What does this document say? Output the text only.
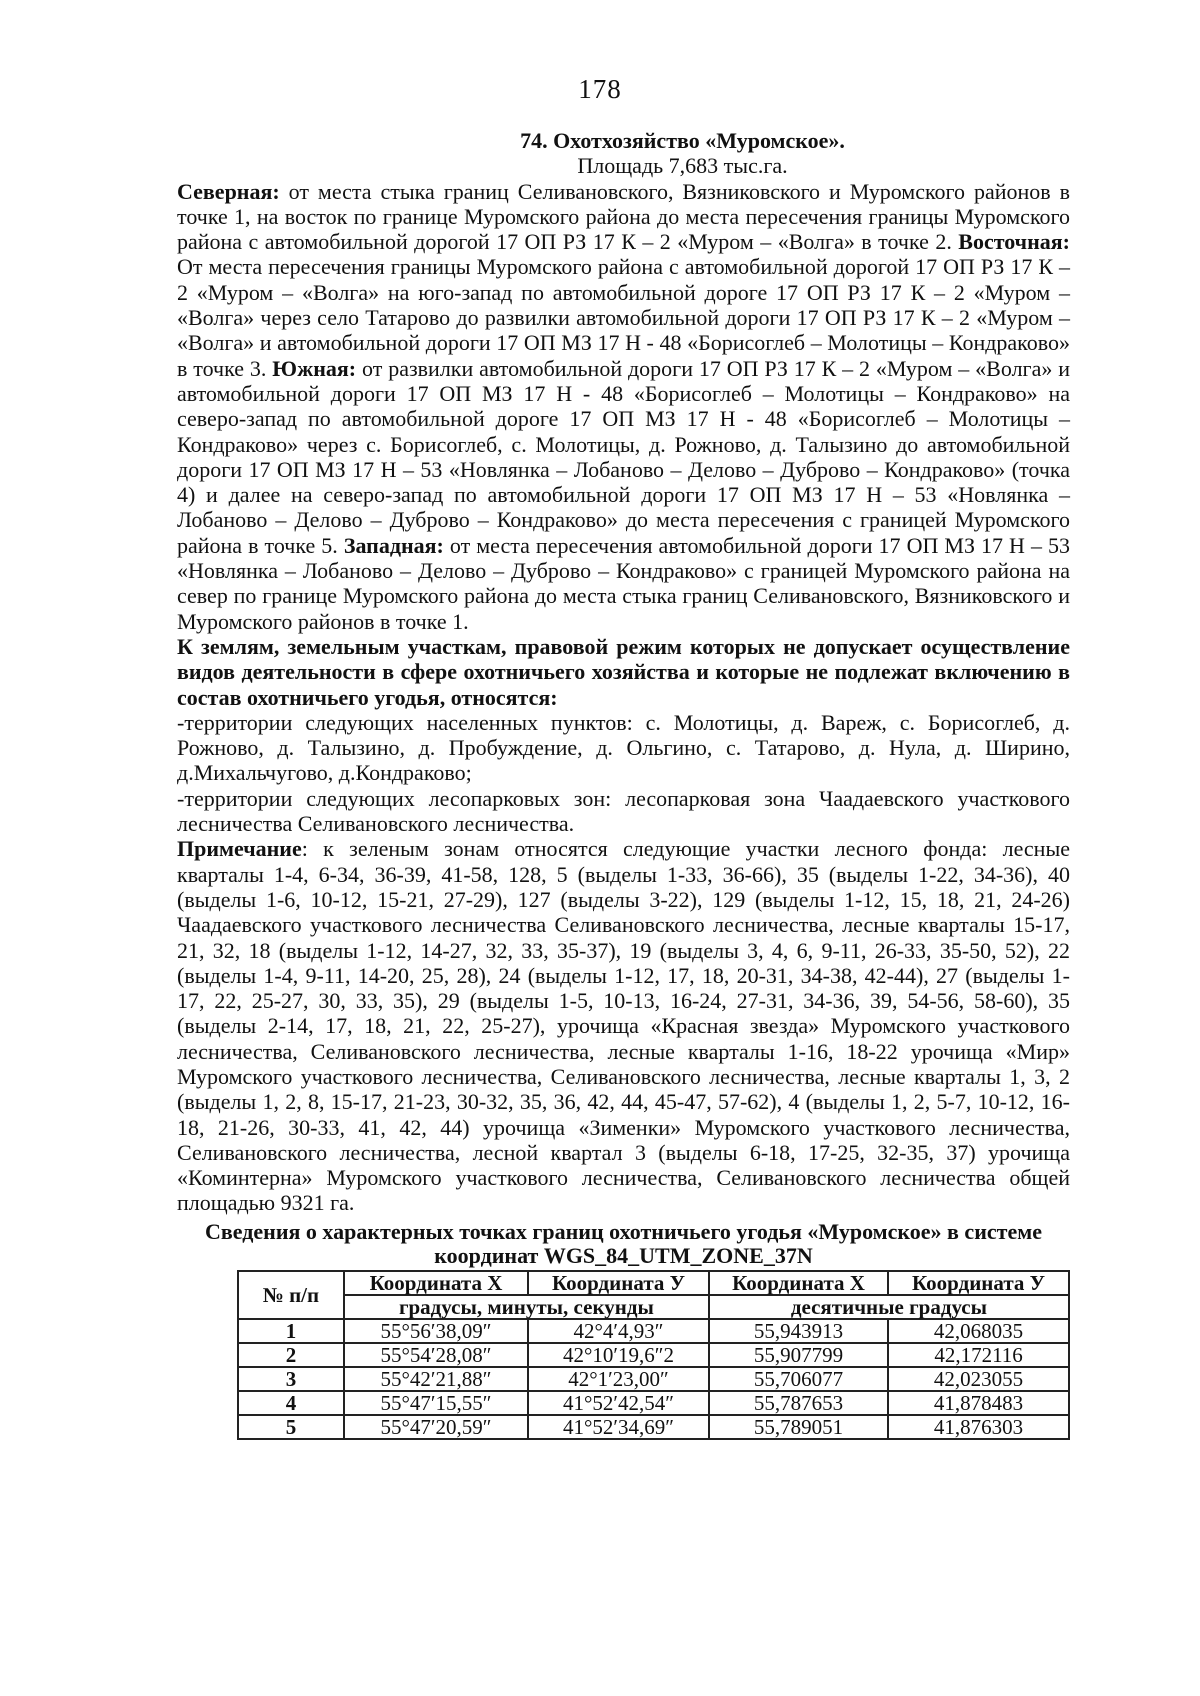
178
74. Охотхозяйство «Муромское».
Площадь 7,683 тыс.га.

Северная: от места стыка границ Селивановского, Вязниковского и Муромского районов в точке 1, на восток по границе Муромского района до места пересечения границы Муромского района с автомобильной дорогой 17 ОП РЗ 17 К – 2 «Муром – «Волга» в точке 2. Восточная: От места пересечения границы Муромского района с автомобильной дорогой 17 ОП РЗ 17 К – 2 «Муром – «Волга» на юго-запад по автомобильной дороге 17 ОП РЗ 17 К – 2 «Муром – «Волга» через село Татарово до развилки автомобильной дороги 17 ОП РЗ 17 К – 2 «Муром – «Волга» и автомобильной дороги 17 ОП МЗ 17 Н - 48 «Борисоглеб – Молотицы – Кондраково» в точке 3. Южная: от развилки автомобильной дороги 17 ОП РЗ 17 К – 2 «Муром – «Волга» и автомобильной дороги 17 ОП МЗ 17 Н - 48 «Борисоглеб – Молотицы – Кондраково» на северо-запад по автомобильной дороге 17 ОП МЗ 17 Н - 48 «Борисоглеб – Молотицы – Кондраково» через с. Борисоглеб, с. Молотицы, д. Рожново, д. Талызино до автомобильной дороги 17 ОП МЗ 17 Н – 53 «Новлянка – Лобаново – Делово – Дуброво – Кондраково» (точка 4) и далее на северо-запад по автомобильной дороги 17 ОП МЗ 17 Н – 53 «Новлянка – Лобаново – Делово – Дуброво – Кондраково» до места пересечения с границей Муромского района в точке 5. Западная: от места пересечения автомобильной дороги 17 ОП МЗ 17 Н – 53 «Новлянка – Лобаново – Делово – Дуброво – Кондраково» с границей Муромского района на север по границе Муромского района до места стыка границ Селивановского, Вязниковского и Муромского районов в точке 1.

К землям, земельным участкам, правовой режим которых не допускает осуществление видов деятельности в сфере охотничьего хозяйства и которые не подлежат включению в состав охотничьего угодья, относятся:

-территории следующих населенных пунктов: с. Молотицы, д. Вареж, с. Борисоглеб, д. Рожново, д. Талызино, д. Пробуждение, д. Ольгино, с. Татарово, д. Нула, д. Ширино, д.Михальчугово, д.Кондраково;

-территории следующих лесопарковых зон: лесопарковая зона Чаадаевского участкового лесничества Селивановского лесничества.

Примечание: к зеленым зонам относятся следующие участки лесного фонда: лесные кварталы 1-4, 6-34, 36-39, 41-58, 128, 5 (выделы 1-33, 36-66), 35 (выделы 1-22, 34-36), 40 (выделы 1-6, 10-12, 15-21, 27-29), 127 (выделы 3-22), 129 (выделы 1-12, 15, 18, 21, 24-26) Чаадаевского участкового лесничества Селивановского лесничества, лесные кварталы 15-17, 21, 32, 18 (выделы 1-12, 14-27, 32, 33, 35-37), 19 (выделы 3, 4, 6, 9-11, 26-33, 35-50, 52), 22 (выделы 1-4, 9-11, 14-20, 25, 28), 24 (выделы 1-12, 17, 18, 20-31, 34-38, 42-44), 27 (выделы 1-17, 22, 25-27, 30, 33, 35), 29 (выделы 1-5, 10-13, 16-24, 27-31, 34-36, 39, 54-56, 58-60), 35 (выделы 2-14, 17, 18, 21, 22, 25-27), урочища «Красная звезда» Муромского участкового лесничества, Селивановского лесничества, лесные кварталы 1-16, 18-22 урочища «Мир» Муромского участкового лесничества, Селивановского лесничества, лесные кварталы 1, 3, 2 (выделы 1, 2, 8, 15-17, 21-23, 30-32, 35, 36, 42, 44, 45-47, 57-62), 4 (выделы 1, 2, 5-7, 10-12, 16-18, 21-26, 30-33, 41, 42, 44) урочища «Зименки» Муромского участкового лесничества, Селивановского лесничества, лесной квартал 3 (выделы 6-18, 17-25, 32-35, 37) урочища «Коминтерна» Муромского участкового лесничества, Селивановского лесничества общей площадью 9321 га.

Сведения о характерных точках границ охотничьего угодья «Муромское» в системе координат WGS_84_UTM_ZONE_37N
№ п/п	Координата X	Координата У	Координата X	Координата У
	градусы, минуты, секунды		десятичные градусы	
1	55°56′38,09″	42°4′4,93″	55,943913	42,068035
2	55°54′28,08″	42°10′19,6″2	55,907799	42,172116
3	55°42′21,88″	42°1′23,00″	55,706077	42,023055
4	55°47′15,55″	41°52′42,54″	55,787653	41,878483
5	55°47′20,59″	41°52′34,69″	55,789051	41,876303
